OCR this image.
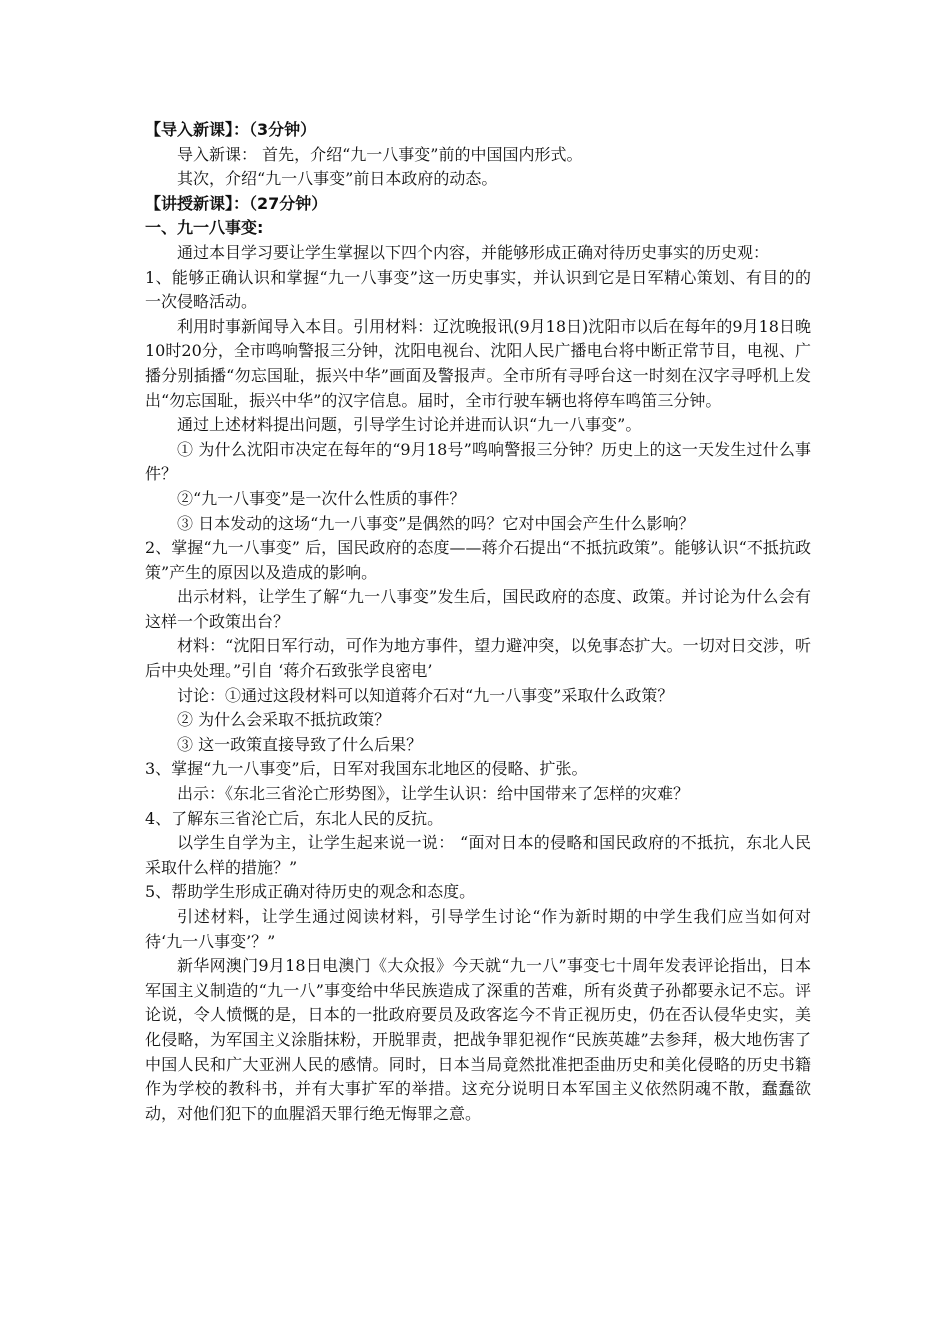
【导入新课】：（3分钟）

导入新课： 首先，介绍“九一八事变”前的中国国内形式。

其次，介绍“九一八事变”前日本政府的动态。

【讲授新课】：（27分钟）

一、九一八事变:

通过本目学习要让学生掌握以下四个内容，并能够形成正确对待历史事实的历史观：

1、能够正确认识和掌握“九一八事变”这一历史事实，并认识到它是日军精心策划、有目的的一次侵略活动。

利用时事新闻导入本目。引用材料：辽沈晚报讯(9月18日)沈阳市以后在每年的9月18日晚10时20分，全市鸣响警报三分钟，沈阳电视台、沈阳人民广播电台将中断正常节目，电视、广播分别插播“勿忘国耻，振兴中华”画面及警报声。全市所有寻呼台这一时刻在汉字寻呼机上发出“勿忘国耻，振兴中华”的汉字信息。届时，全市行驶车辆也将停车鸣笛三分钟。

通过上述材料提出问题，引导学生讨论并进而认识“九一八事变”。

① 为什么沈阳市决定在每年的“9月18号”鸣响警报三分钟？历史上的这一天发生过什么事件？

②“九一八事变”是一次什么性质的事件？

③ 日本发动的这场“九一八事变”是偶然的吗？它对中国会产生什么影响？

2、掌握“九一八事变” 后，国民政府的态度——蒋介石提出“不抵抗政策”。能够认识“不抵抗政策”产生的原因以及造成的影响。

出示材料，让学生了解“九一八事变”发生后，国民政府的态度、政策。并讨论为什么会有这样一个政策出台？

材料：“沈阳日军行动，可作为地方事件，望力避冲突，以免事态扩大。一切对日交涉，听后中央处理。”引自 ‘蒋介石致张学良密电’

讨论：①通过这段材料可以知道蒋介石对“九一八事变”采取什么政策？

② 为什么会采取不抵抗政策？

③ 这一政策直接导致了什么后果？

3、掌握“九一八事变”后，日军对我国东北地区的侵略、扩张。

出示：《东北三省沦亡形势图》，让学生认识：给中国带来了怎样的灾难？

4、了解东三省沦亡后，东北人民的反抗。

以学生自学为主，让学生起来说一说： “面对日本的侵略和国民政府的不抵抗，东北人民采取什么样的措施？”

5、帮助学生形成正确对待历史的观念和态度。

引述材料，让学生通过阅读材料，引导学生讨论“作为新时期的中学生我们应当如何对待‘九一八事变’？”

新华网澳门9月18日电澳门《大众报》今天就“九一八”事变七十周年发表评论指出，日本军国主义制造的“九一八”事变给中华民族造成了深重的苦难，所有炎黄子孙都要永记不忘。评论说，令人愤慨的是，日本的一批政府要员及政客迄今不肯正视历史，仍在否认侵华史实，美化侵略，为军国主义涂脂抹粉，开脱罪责，把战争罪犯视作“民族英雄”去参拜，极大地伤害了中国人民和广大亚洲人民的感情。同时，日本当局竟然批准把歪曲历史和美化侵略的历史书籍作为学校的教科书，并有大事扩军的举措。这充分说明日本军国主义依然阴魂不散，蠢蠢欲动，对他们犯下的血腥滔天罪行绝无悔罪之意。
